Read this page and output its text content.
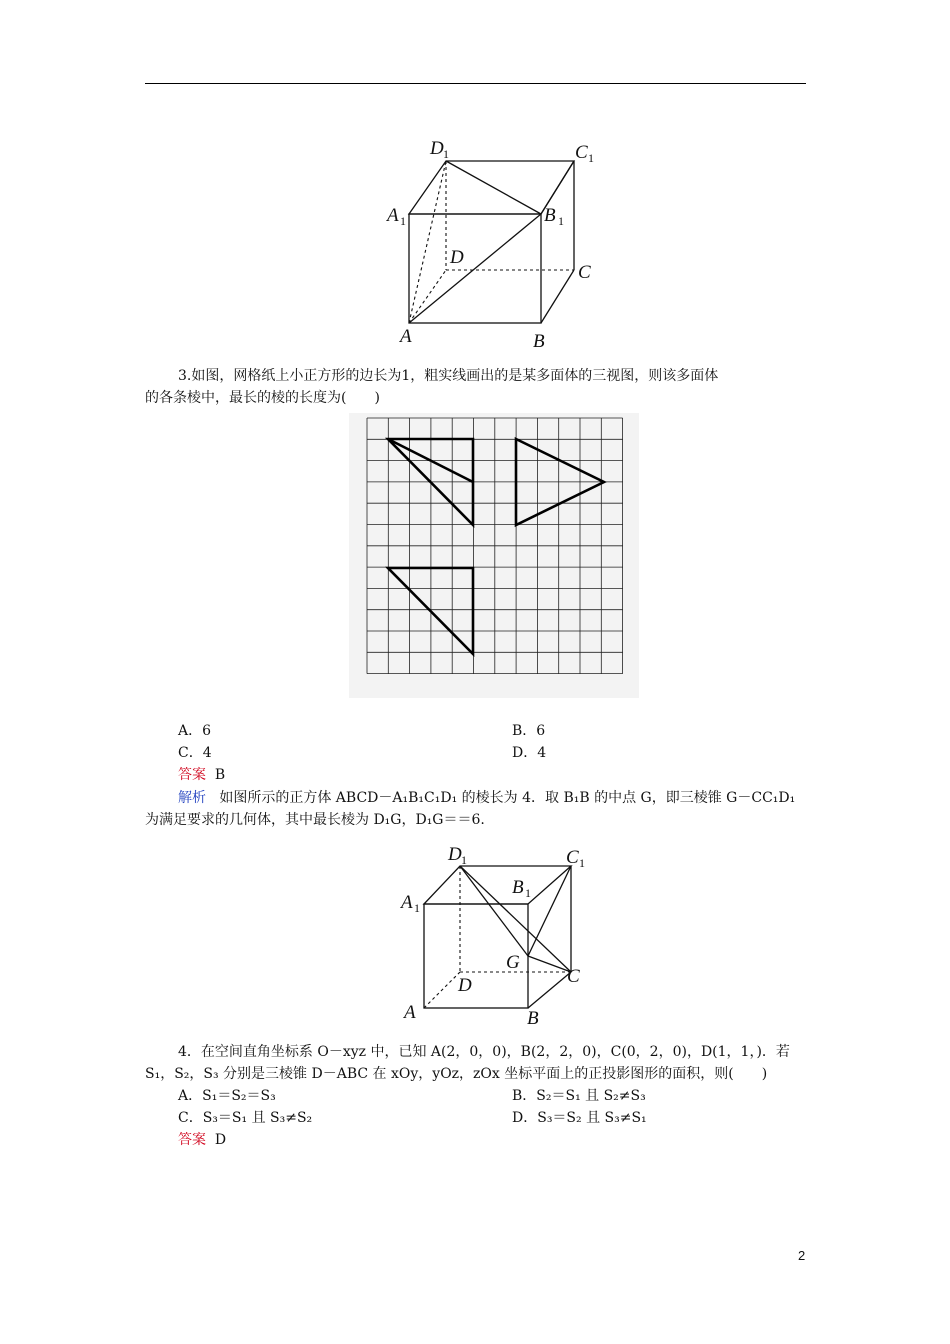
D 1	C 1
A 1	B 1
D
C
A	B
3.如图，网格纸上小正方形的边长为1，粗实线画出的是某多面体的三视图，则该多面体
的各条棱中，最长的棱的长度为(　　)
A．6	B．6
C．4	D．4
答案 B
解析 如图所示的正方体 ABCD－A₁B₁C₁D₁ 的棱长为 4．取 B₁B 的中点 G，即三棱锥 G－CC₁D₁
为满足要求的几何体，其中最长棱为 D₁G，D₁G＝＝6.
D 1	C 1
A 1
B 1
G
C
D
A	B
4．在空间直角坐标系 O－xyz 中，已知 A(2，0，0)，B(2，2，0)，C(0，2，0)，D(1，1，)．若
S₁，S₂，S₃ 分别是三棱锥 D－ABC 在 xOy，yOz，zOx 坐标平面上的正投影图形的面积，则(　　)
A．S₁＝S₂＝S₃	B．S₂＝S₁ 且 S₂≠S₃
C．S₃＝S₁ 且 S₃≠S₂	D．S₃＝S₂ 且 S₃≠S₁
答案 D
2
